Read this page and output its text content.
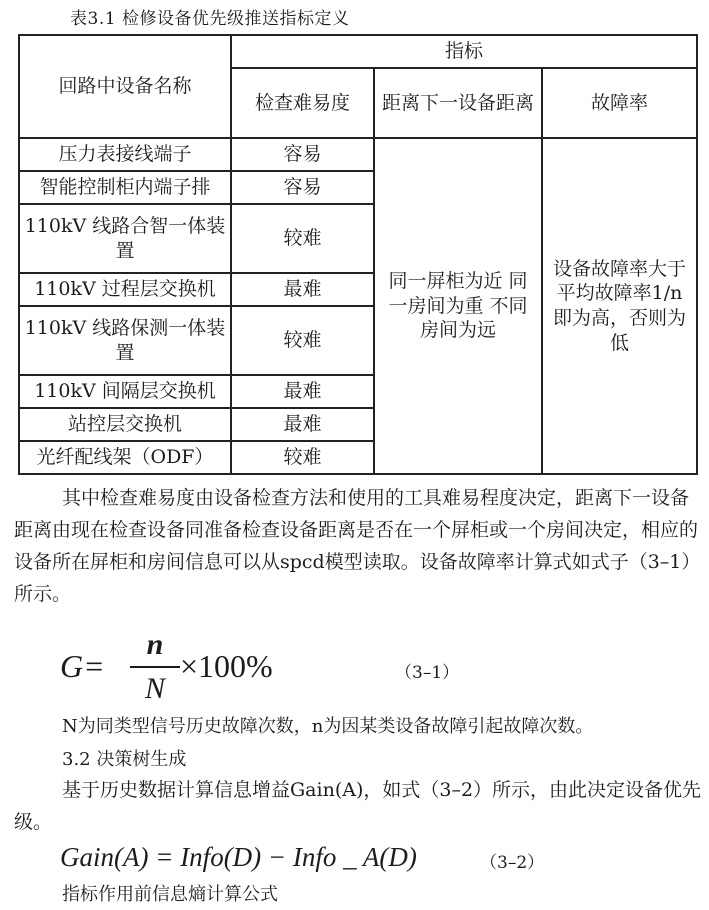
表3.1 检修设备优先级推送指标定义
回路中设备名称	指标		
	检查难易度	距离下一设备距离	故障率
压力表接线端子	容易	同一屏柜为近 同一房间为重 不同房间为远	设备故障率大于平均故障率1/n 即为高，否则为低
智能控制柜内端子排	容易		
110kV 线路合智一体装置	较难		
110kV 过程层交换机	最难		
110kV 线路保测一体装置	较难		
110kV 间隔层交换机	最难		
站控层交换机	最难		
光纤配线架（ODF）	较难		

其中检查难易度由设备检查方法和使用的工具难易程度决定，距离下一设备距离由现在检查设备同准备检查设备距离是否在一个屏柜或一个房间决定，相应的设备所在屏柜和房间信息可以从spcd模型读取。设备故障率计算式如式子（3–1）所示。

G=
n
N
×100%	（3–1）
N为同类型信号历史故障次数，n为因某类设备故障引起故障次数。
3.2 决策树生成

基于历史数据计算信息增益Gain(A)，如式（3–2）所示，由此决定设备优先级。

Gain(A) = Info(D) − Info _ A(D)	（3–2）
指标作用前信息熵计算公式
